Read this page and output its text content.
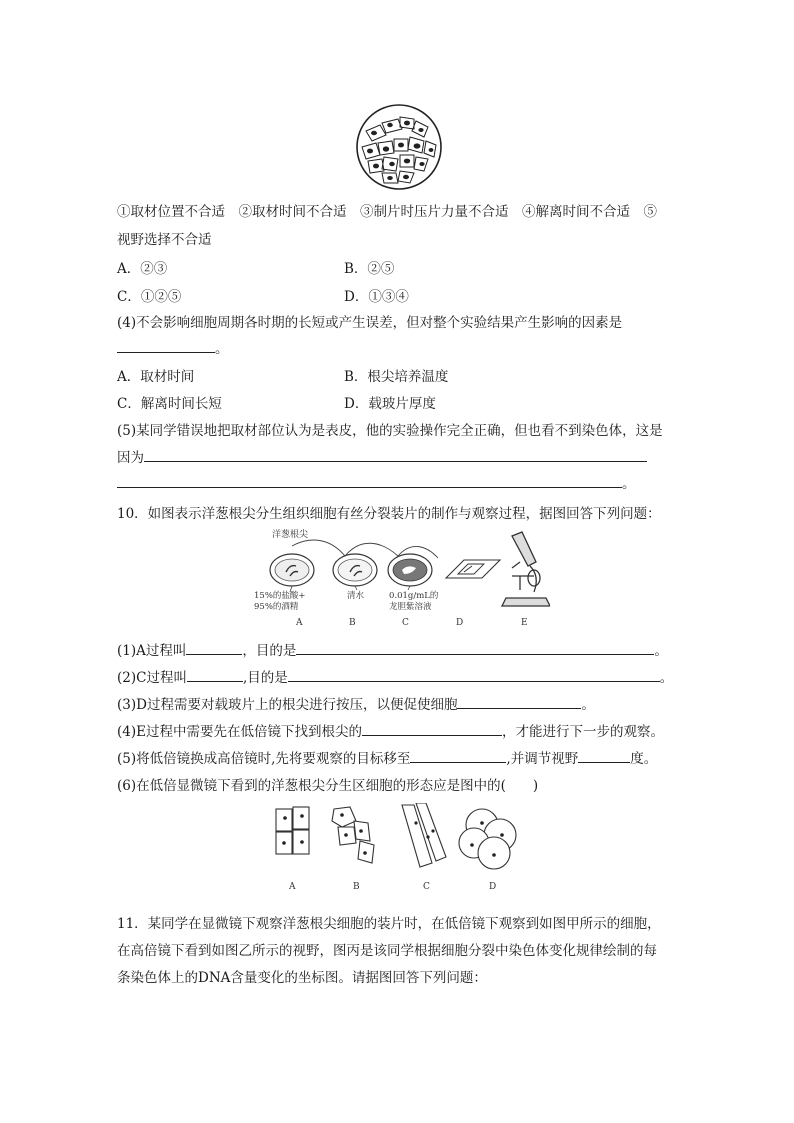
①取材位置不合适　②取材时间不合适　③制片时压片力量不合适　④解离时间不合适　⑤
视野选择不合适
A．②③	B．②⑤
C．①②⑤	D．①③④
(4)不会影响细胞周期各时期的长短或产生误差，但对整个实验结果产生影响的因素是
。
A．取材时间	B．根尖培养温度
C．解离时间长短	D．载玻片厚度
(5)某同学错误地把取材部位认为是表皮，他的实验操作完全正确，但也看不到染色体，这是
因为
。
10．如图表示洋葱根尖分生组织细胞有丝分裂装片的制作与观察过程，据图回答下列问题：
洋葱根尖
15%的盐酸+
95%的酒精
清水	0.01g/mL的
龙胆紫溶液
A	B	C	D	E
(1)A过程叫	，目的是	。
(2)C过程叫	,目的是	。
(3)D过程需要对载玻片上的根尖进行按压，以便促使细胞	。
(4)E过程中需要先在低倍镜下找到根尖的	，才能进行下一步的观察。
(5)将低倍镜换成高倍镜时,先将要观察的目标移至	,并调节视野	度。
(6)在低倍显微镜下看到的洋葱根尖分生区细胞的形态应是图中的(　　)
A	B	C	D
11．某同学在显微镜下观察洋葱根尖细胞的装片时，在低倍镜下观察到如图甲所示的细胞，
在高倍镜下看到如图乙所示的视野，图丙是该同学根据细胞分裂中染色体变化规律绘制的每
条染色体上的DNA含量变化的坐标图。请据图回答下列问题：
